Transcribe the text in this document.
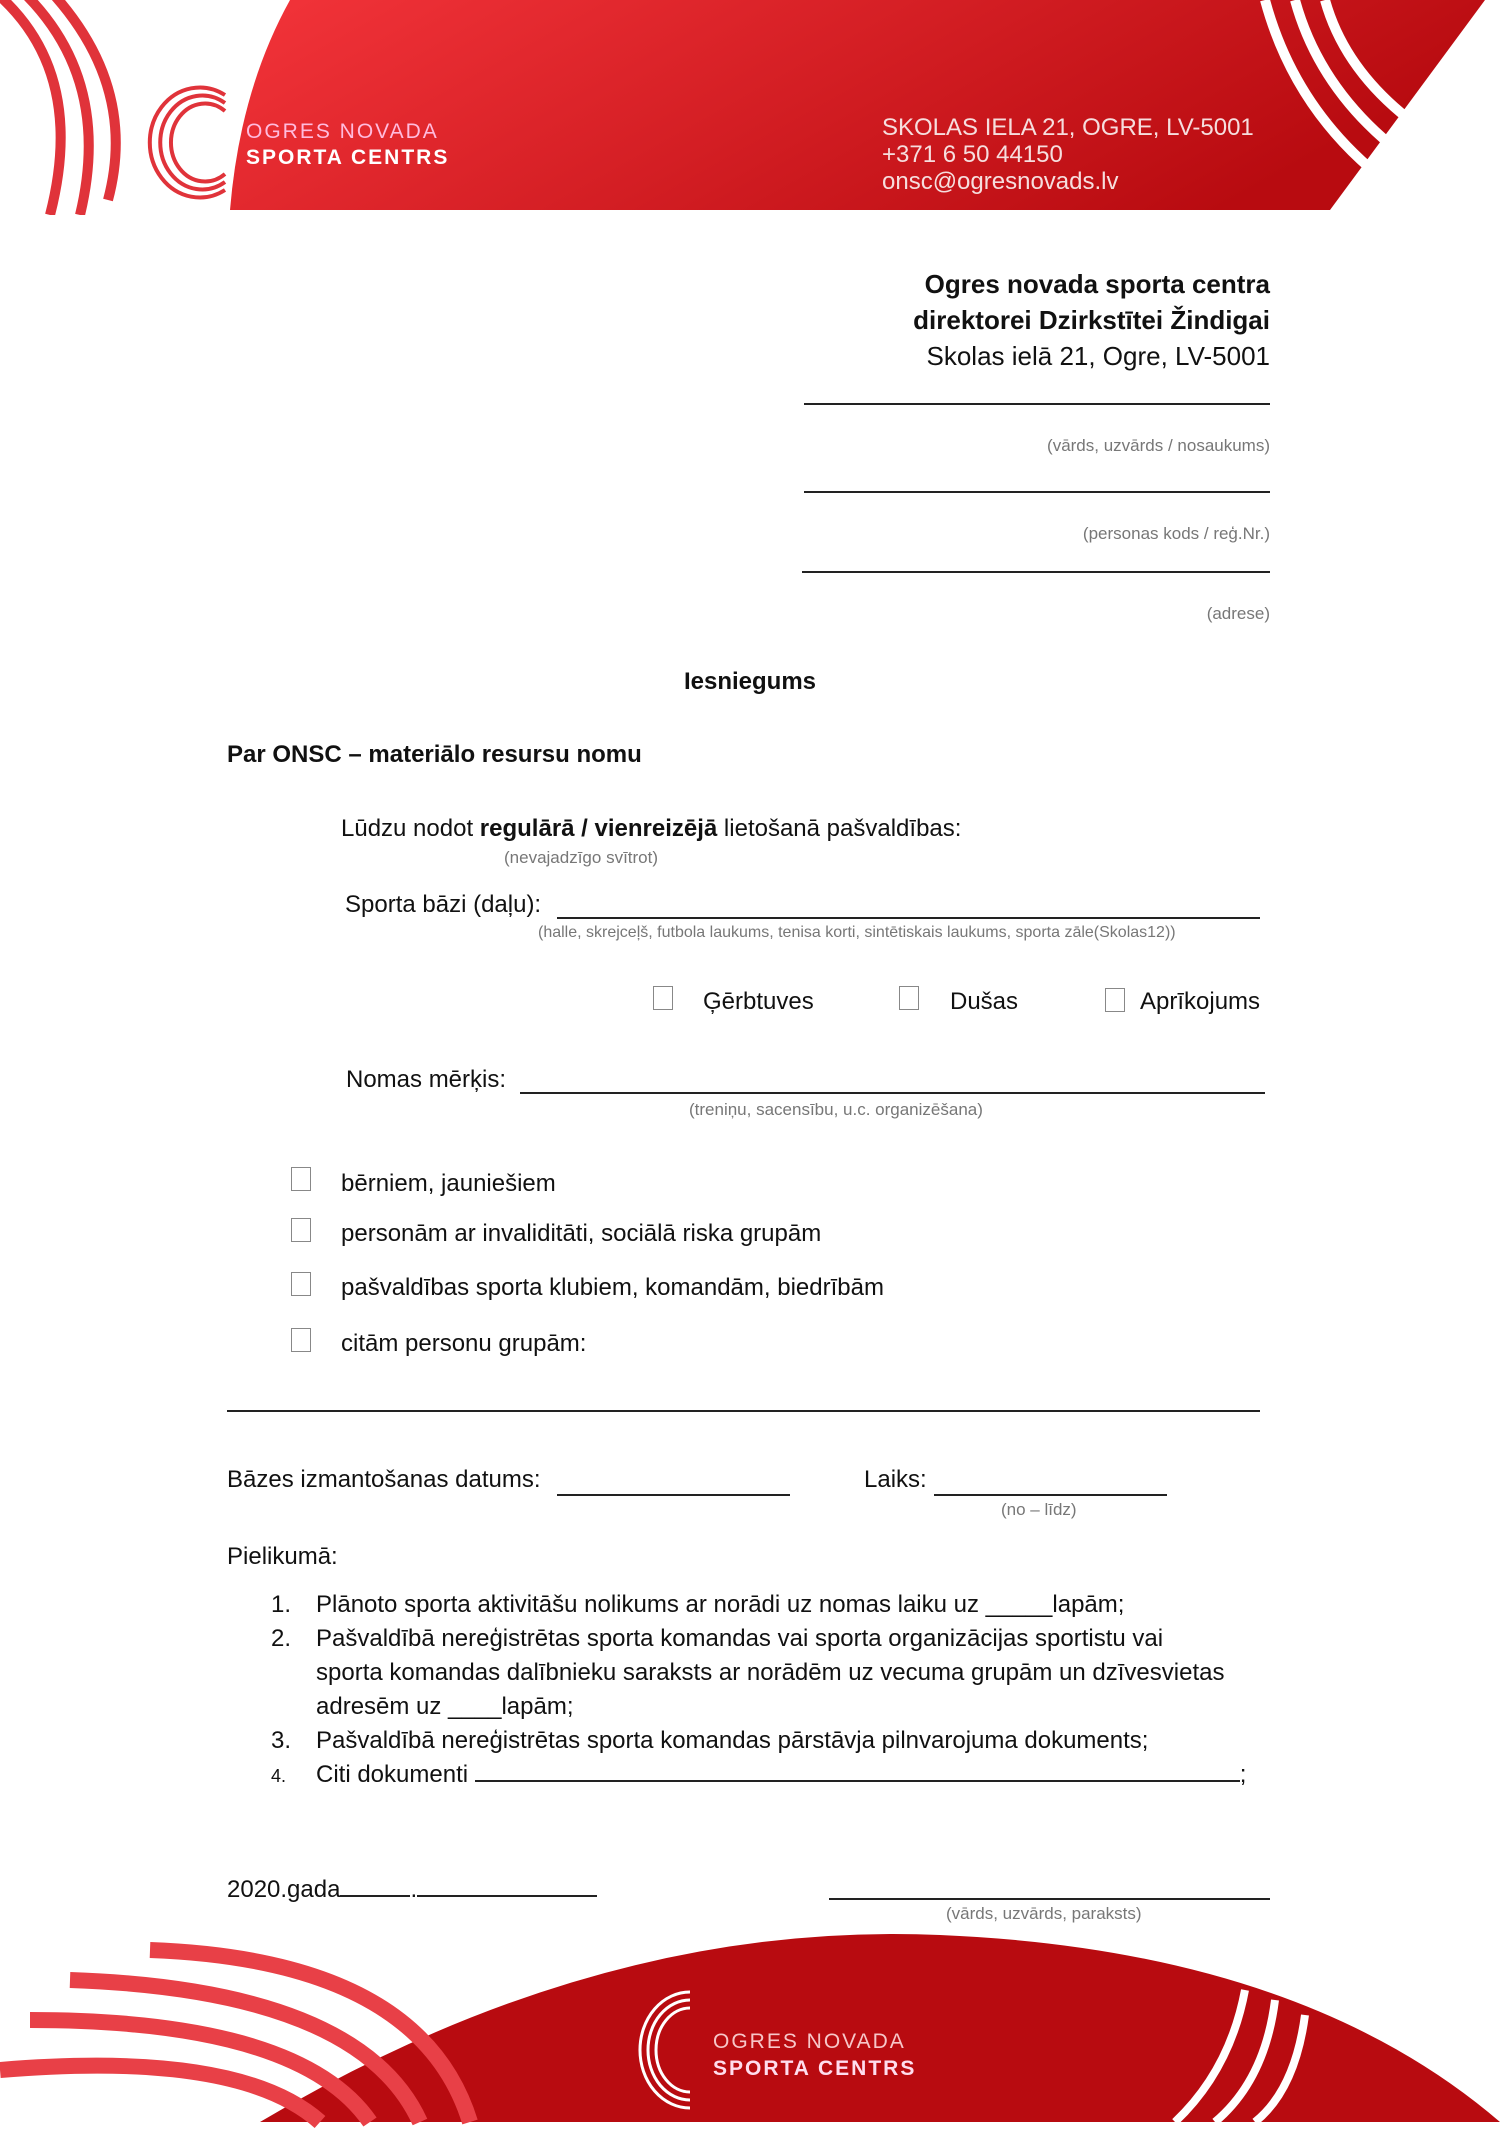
OGRES NOVADA
SPORTA CENTRS
SKOLAS IELA 21, OGRE, LV-5001
+371 6 50 44150
onsc@ogresnovads.lv
Ogres novada sporta centra
direktorei Dzirkstītei Žindigai
Skolas ielā 21, Ogre, LV-5001
(vārds, uzvārds / nosaukums)
(personas kods / reģ.Nr.)
(adrese)
Iesniegums
Par ONSC – materiālo resursu nomu
Lūdzu nodot regulārā / vienreizējā lietošanā pašvaldības:
(nevajadzīgo svītrot)
Sporta bāzi (daļu):
(halle, skrejceļš, futbola laukums, tenisa korti, sintētiskais laukums, sporta zāle(Skolas12))
Ģērbtuves	Dušas	Aprīkojums
Nomas mērķis:
(treniņu, sacensību, u.c. organizēšana)
bērniem, jauniešiem
personām ar invaliditāti, sociālā riska grupām
pašvaldības sporta klubiem, komandām, biedrībām
citām personu grupām:
Bāzes izmantošanas datums:	Laiks:
(no – līdz)
Pielikumā:
1. Plānoto sporta aktivitāšu nolikums ar norādi uz nomas laiku uz _____lapām;
2. Pašvaldībā nereģistrētas sporta komandas vai sporta organizācijas sportistu vai
sporta komandas dalībnieku saraksts ar norādēm uz vecuma grupām un dzīvesvietas
adresēm uz ____lapām;
3. Pašvaldībā nereģistrētas sporta komandas pārstāvja pilnvarojuma dokuments;
4. Citi dokumenti	;
2020.gada	.
(vārds, uzvārds, paraksts)
OGRES NOVADA
SPORTA CENTRS
